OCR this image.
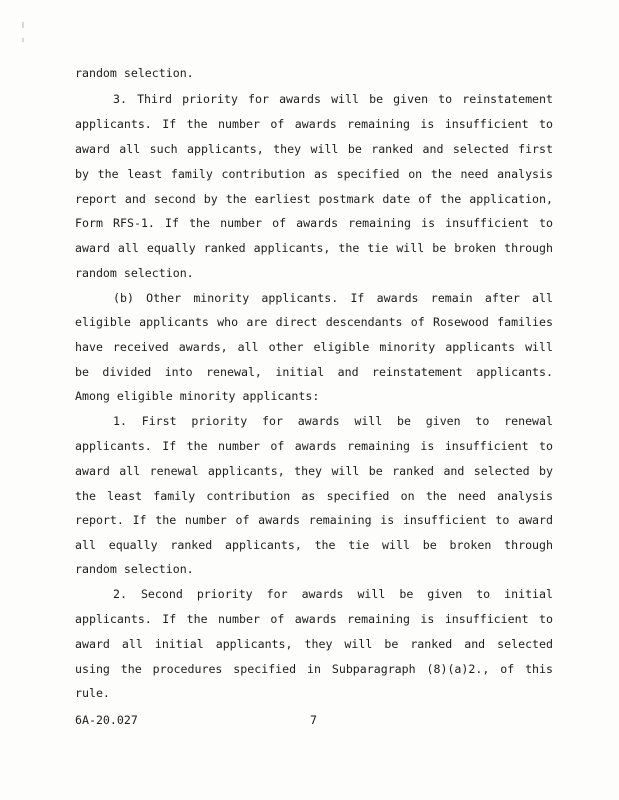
random selection.
3. Third priority for awards will be given to reinstatement
applicants. If the number of awards remaining is insufficient to
award all such applicants, they will be ranked and selected first
by the least family contribution as specified on the need analysis
report and second by the earliest postmark date of the application,
Form RFS-1. If the number of awards remaining is insufficient to
award all equally ranked applicants, the tie will be broken through
random selection.
(b) Other minority applicants. If awards remain after all
eligible applicants who are direct descendants of Rosewood families
have received awards, all other eligible minority applicants will
be divided into renewal, initial and reinstatement applicants.
Among eligible minority applicants:
1. First priority for awards will be given to renewal
applicants. If the number of awards remaining is insufficient to
award all renewal applicants, they will be ranked and selected by
the least family contribution as specified on the need analysis
report. If the number of awards remaining is insufficient to award
all equally ranked applicants, the tie will be broken through
random selection.
2. Second priority for awards will be given to initial
applicants. If the number of awards remaining is insufficient to
award all initial applicants, they will be ranked and selected
using the procedures specified in Subparagraph (8)(a)2., of this
rule.
6A-20.027	7
